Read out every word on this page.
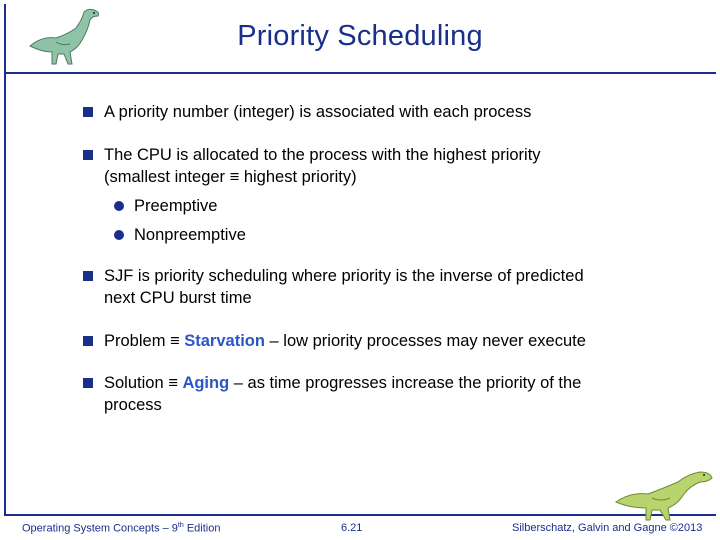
Priority Scheduling
A priority number (integer) is associated with each process
The CPU is allocated to the process with the highest priority
(smallest integer ≡ highest priority)
Preemptive
Nonpreemptive
SJF is priority scheduling where priority is the inverse of predicted
next CPU burst time
Problem ≡ Starvation – low priority processes may never execute
Solution ≡ Aging – as time progresses increase the priority of the
process
Operating System Concepts – 9th Edition	6.21	Silberschatz, Galvin and Gagne ©2013
